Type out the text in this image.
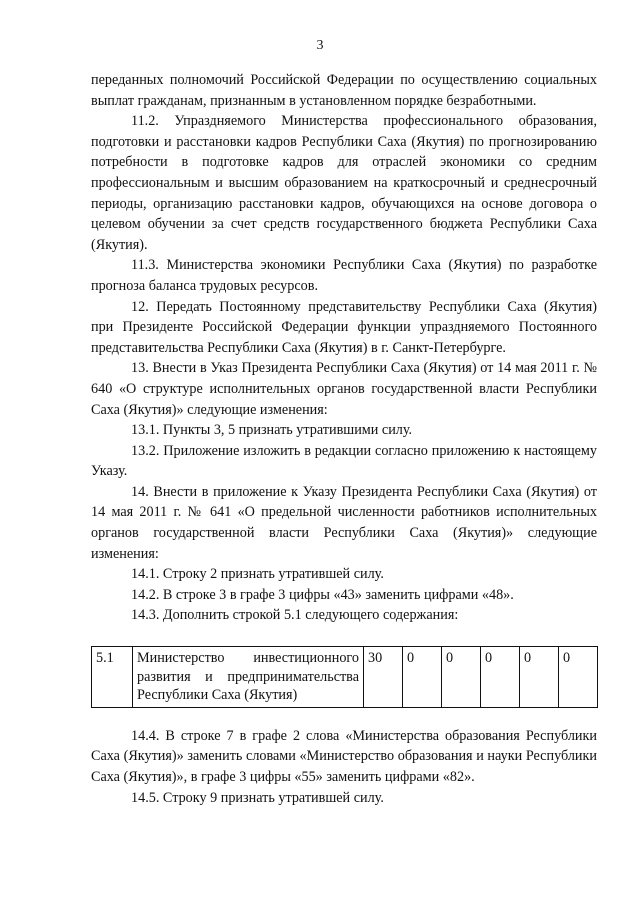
3

переданных полномочий Российской Федерации по осуществлению социальных выплат гражданам, признанным в установленном порядке безработными.

11.2. Упраздняемого Министерства профессионального образования, подготовки и расстановки кадров Республики Саха (Якутия) по прогнозированию потребности в подготовке кадров для отраслей экономики со средним профессиональным и высшим образованием на краткосрочный и среднесрочный периоды, организацию расстановки кадров, обучающихся на основе договора о целевом обучении за счет средств государственного бюджета Республики Саха (Якутия).

11.3. Министерства экономики Республики Саха (Якутия) по разработке прогноза баланса трудовых ресурсов.

12. Передать Постоянному представительству Республики Саха (Якутия) при Президенте Российской Федерации функции упраздняемого Постоянного представительства Республики Саха (Якутия) в г. Санкт-Петербурге.

13. Внести в Указ Президента Республики Саха (Якутия) от 14 мая 2011 г. № 640 «О структуре исполнительных органов государственной власти Республики Саха (Якутия)» следующие изменения:

13.1. Пункты 3, 5 признать утратившими силу.

13.2. Приложение изложить в редакции согласно приложению к настоящему Указу.

14. Внести в приложение к Указу Президента Республики Саха (Якутия) от 14 мая 2011 г. № 641 «О предельной численности работников исполнительных органов государственной власти Республики Саха (Якутия)» следующие изменения:

14.1. Строку 2 признать утратившей силу.

14.2. В строке 3 в графе 3 цифры «43» заменить цифрами «48».

14.3. Дополнить строкой 5.1 следующего содержания:

5.1	Министерство инвестиционного развития и предпринимательства Республики Саха (Якутия)	30	0	0	0	0	0

14.4. В строке 7 в графе 2 слова «Министерства образования Республики Саха (Якутия)» заменить словами «Министерство образования и науки Республики Саха (Якутия)», в графе 3 цифры «55» заменить цифрами «82».

14.5. Строку 9 признать утратившей силу.
